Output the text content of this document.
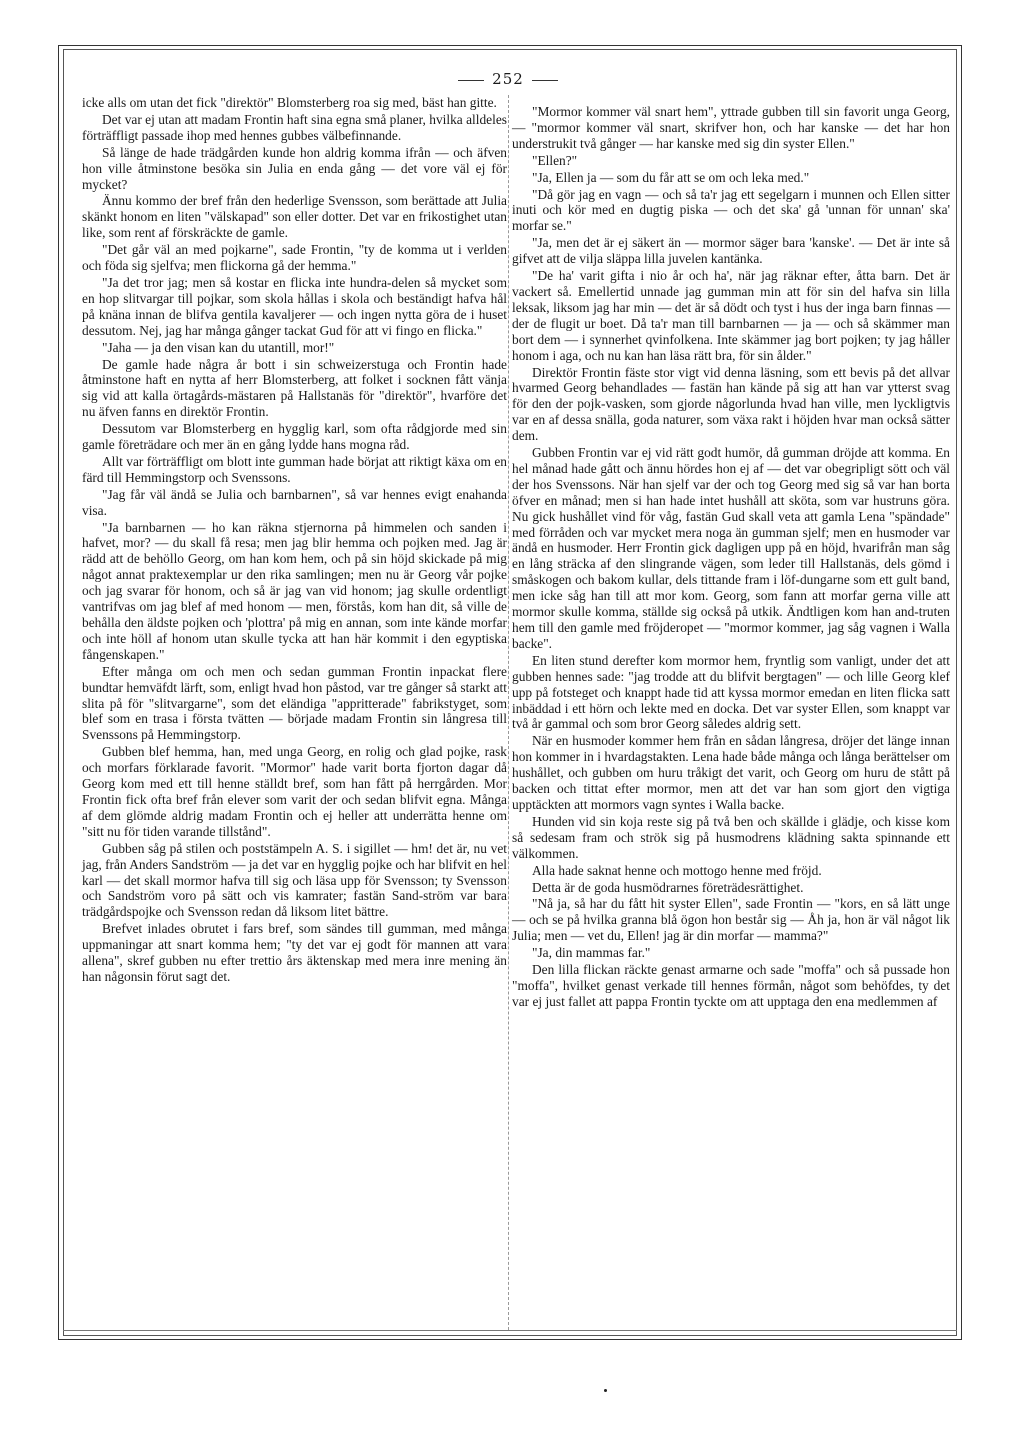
252

icke alls om utan det fick "direktör" Blomsterberg roa sig med, bäst han gitte.

Det var ej utan att madam Frontin haft sina egna små planer, hvilka alldeles förträffligt passade ihop med hennes gubbes välbefinnande.

Så länge de hade trädgården kunde hon aldrig komma ifrån — och äfven hon ville åtminstone besöka sin Julia en enda gång — det vore väl ej för mycket?

Ännu kommo der bref från den hederlige Svensson, som berättade att Julia skänkt honom en liten "välskapad" son eller dotter. Det var en frikostighet utan like, som rent af förskräckte de gamle.

"Det går väl an med pojkarne", sade Frontin, "ty de komma ut i verlden och föda sig sjelfva; men flickorna gå der hemma."

"Ja det tror jag; men så kostar en flicka inte hundra-delen så mycket som en hop slitvargar till pojkar, som skola hållas i skola och beständigt hafva hål på knäna innan de blifva gentila kavaljerer — och ingen nytta göra de i huset dessutom. Nej, jag har många gånger tackat Gud för att vi fingo en flicka."

"Jaha — ja den visan kan du utantill, mor!"

De gamle hade några år bott i sin schweizerstuga och Frontin hade åtminstone haft en nytta af herr Blomsterberg, att folket i socknen fått vänja sig vid att kalla örtagårds-mästaren på Hallstanäs för "direktör", hvarföre det nu äfven fanns en direktör Frontin.

Dessutom var Blomsterberg en hygglig karl, som ofta rådgjorde med sin gamle företrädare och mer än en gång lydde hans mogna råd.

Allt var förträffligt om blott inte gumman hade börjat att riktigt käxa om en färd till Hemmingstorp och Svenssons.

"Jag får väl ändå se Julia och barnbarnen", så var hennes evigt enahanda visa.

"Ja barnbarnen — ho kan räkna stjernorna på himmelen och sanden i hafvet, mor? — du skall få resa; men jag blir hemma och pojken med. Jag är rädd att de behöllo Georg, om han kom hem, och på sin höjd skickade på mig något annat praktexemplar ur den rika samlingen; men nu är Georg vår pojke och jag svarar för honom, och så är jag van vid honom; jag skulle ordentligt vantrifvas om jag blef af med honom — men, förstås, kom han dit, så ville de behålla den äldste pojken och 'plottra' på mig en annan, som inte kände morfar och inte höll af honom utan skulle tycka att han här kommit i den egyptiska fångenskapen."

Efter många om och men och sedan gumman Frontin inpackat flere bundtar hemväfdt lärft, som, enligt hvad hon påstod, var tre gånger så starkt att slita på för "slitvargarne", som det eländiga "appritterade" fabrikstyget, som blef som en trasa i första tvätten — började madam Frontin sin långresa till Svenssons på Hemmingstorp.

Gubben blef hemma, han, med unga Georg, en rolig och glad pojke, rask och morfars förklarade favorit. "Mormor" hade varit borta fjorton dagar då Georg kom med ett till henne ställdt bref, som han fått på herrgården. Mor Frontin fick ofta bref från elever som varit der och sedan blifvit egna. Många af dem glömde aldrig madam Frontin och ej heller att underrätta henne om "sitt nu för tiden varande tillstånd".

Gubben såg på stilen och poststämpeln A. S. i sigillet — hm! det är, nu vet jag, från Anders Sandström — ja det var en hygglig pojke och har blifvit en hel karl — det skall mormor hafva till sig och läsa upp för Svensson; ty Svensson och Sandström voro på sätt och vis kamrater; fastän Sand-ström var bara trädgårdspojke och Svensson redan då liksom litet bättre.

Brefvet inlades obrutet i fars bref, som sändes till gumman, med många uppmaningar att snart komma hem; "ty det var ej godt för mannen att vara allena", skref gubben nu efter trettio års äktenskap med mera inre mening än han någonsin förut sagt det.

"Mormor kommer väl snart hem", yttrade gubben till sin favorit unga Georg, — "mormor kommer väl snart, skrifver hon, och har kanske — det har hon understrukit två gånger — har kanske med sig din syster Ellen."

"Ellen?"

"Ja, Ellen ja — som du får att se om och leka med."

"Då gör jag en vagn — och så ta'r jag ett segelgarn i munnen och Ellen sitter inuti och kör med en dugtig piska — och det ska' gå 'unnan för unnan' ska' morfar se."

"Ja, men det är ej säkert än — mormor säger bara 'kanske'. — Det är inte så gifvet att de vilja släppa lilla juvelen kantänka.

"De ha' varit gifta i nio år och ha', när jag räknar efter, åtta barn. Det är vackert så. Emellertid unnade jag gumman min att för sin del hafva sin lilla leksak, liksom jag har min — det är så dödt och tyst i hus der inga barn finnas — der de flugit ur boet. Då ta'r man till barnbarnen — ja — och så skämmer man bort dem — i synnerhet qvinfolkena. Inte skämmer jag bort pojken; ty jag håller honom i aga, och nu kan han läsa rätt bra, för sin ålder."

Direktör Frontin fäste stor vigt vid denna läsning, som ett bevis på det allvar hvarmed Georg behandlades — fastän han kände på sig att han var ytterst svag för den der pojk-vasken, som gjorde någorlunda hvad han ville, men lyckligtvis var en af dessa snälla, goda naturer, som växa rakt i höjden hvar man också sätter dem.

Gubben Frontin var ej vid rätt godt humör, då gumman dröjde att komma. En hel månad hade gått och ännu hördes hon ej af — det var obegripligt sött och väl der hos Svenssons. När han sjelf var der och tog Georg med sig så var han borta öfver en månad; men si han hade intet hushåll att sköta, som var hustruns göra. Nu gick hushållet vind för våg, fastän Gud skall veta att gamla Lena "spändade" med förråden och var mycket mera noga än gumman sjelf; men en husmoder var ändå en husmoder. Herr Frontin gick dagligen upp på en höjd, hvarifrån man såg en lång sträcka af den slingrande vägen, som leder till Hallstanäs, dels gömd i småskogen och bakom kullar, dels tittande fram i löf-dungarne som ett gult band, men icke såg han till att mor kom. Georg, som fann att morfar gerna ville att mormor skulle komma, ställde sig också på utkik. Ändtligen kom han and-truten hem till den gamle med fröjderopet — "mormor kommer, jag såg vagnen i Walla backe".

En liten stund derefter kom mormor hem, fryntlig som vanligt, under det att gubben hennes sade: "jag trodde att du blifvit bergtagen" — och lille Georg klef upp på fotsteget och knappt hade tid att kyssa mormor emedan en liten flicka satt inbäddad i ett hörn och lekte med en docka. Det var syster Ellen, som knappt var två år gammal och som bror Georg således aldrig sett.

När en husmoder kommer hem från en sådan långresa, dröjer det länge innan hon kommer in i hvardagstakten. Lena hade både många och långa berättelser om hushållet, och gubben om huru tråkigt det varit, och Georg om huru de stått på backen och tittat efter mormor, men att det var han som gjort den vigtiga upptäckten att mormors vagn syntes i Walla backe.

Hunden vid sin koja reste sig på två ben och skällde i glädje, och kisse kom så sedesam fram och strök sig på husmodrens klädning sakta spinnande ett välkommen.

Alla hade saknat henne och mottogo henne med fröjd.

Detta är de goda husmödrarnes företrädesrättighet.

"Nå ja, så har du fått hit syster Ellen", sade Frontin — "kors, en så lätt unge — och se på hvilka granna blå ögon hon består sig — Åh ja, hon är väl något lik Julia; men — vet du, Ellen! jag är din morfar — mamma?"

"Ja, din mammas far."

Den lilla flickan räckte genast armarne och sade "moffa" och så pussade hon "moffa", hvilket genast verkade till hennes förmån, något som behöfdes, ty det var ej just fallet att pappa Frontin tyckte om att upptaga den ena medlemmen af
